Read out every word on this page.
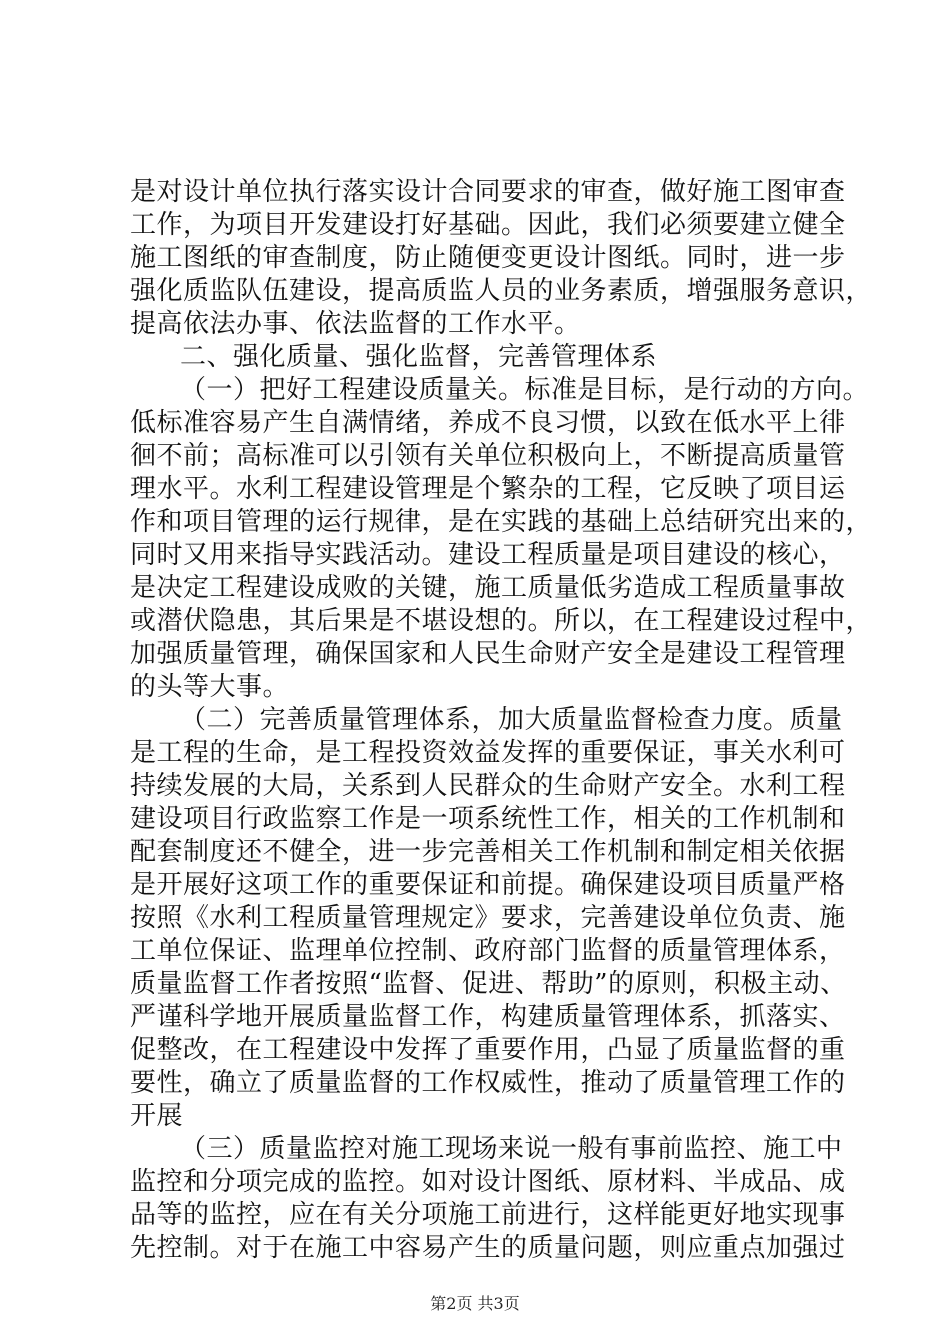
是对设计单位执行落实设计合同要求的审查，做好施工图审查
工作，为项目开发建设打好基础。因此，我们必须要建立健全
施工图纸的审查制度，防止随便变更设计图纸。同时，进一步
强化质监队伍建设，提高质监人员的业务素质，增强服务意识，
提高依法办事、依法监督的工作水平。
二、强化质量、强化监督，完善管理体系
（一）把好工程建设质量关。标准是目标，是行动的方向。
低标准容易产生自满情绪，养成不良习惯，以致在低水平上徘
徊不前；高标准可以引领有关单位积极向上，不断提高质量管
理水平。水利工程建设管理是个繁杂的工程，它反映了项目运
作和项目管理的运行规律，是在实践的基础上总结研究出来的，
同时又用来指导实践活动。建设工程质量是项目建设的核心，
是决定工程建设成败的关键，施工质量低劣造成工程质量事故
或潜伏隐患，其后果是不堪设想的。所以，在工程建设过程中，
加强质量管理，确保国家和人民生命财产安全是建设工程管理
的头等大事。
（二）完善质量管理体系，加大质量监督检查力度。质量
是工程的生命，是工程投资效益发挥的重要保证，事关水利可
持续发展的大局，关系到人民群众的生命财产安全。水利工程
建设项目行政监察工作是一项系统性工作，相关的工作机制和
配套制度还不健全，进一步完善相关工作机制和制定相关依据
是开展好这项工作的重要保证和前提。确保建设项目质量严格
按照《水利工程质量管理规定》要求，完善建设单位负责、施
工单位保证、监理单位控制、政府部门监督的质量管理体系，
质量监督工作者按照“监督、促进、帮助”的原则，积极主动、
严谨科学地开展质量监督工作，构建质量管理体系，抓落实、
促整改，在工程建设中发挥了重要作用，凸显了质量监督的重
要性，确立了质量监督的工作权威性，推动了质量管理工作的
开展
（三）质量监控对施工现场来说一般有事前监控、施工中
监控和分项完成的监控。如对设计图纸、原材料、半成品、成
品等的监控，应在有关分项施工前进行，这样能更好地实现事
先控制。对于在施工中容易产生的质量问题，则应重点加强过
第2页 共3页
